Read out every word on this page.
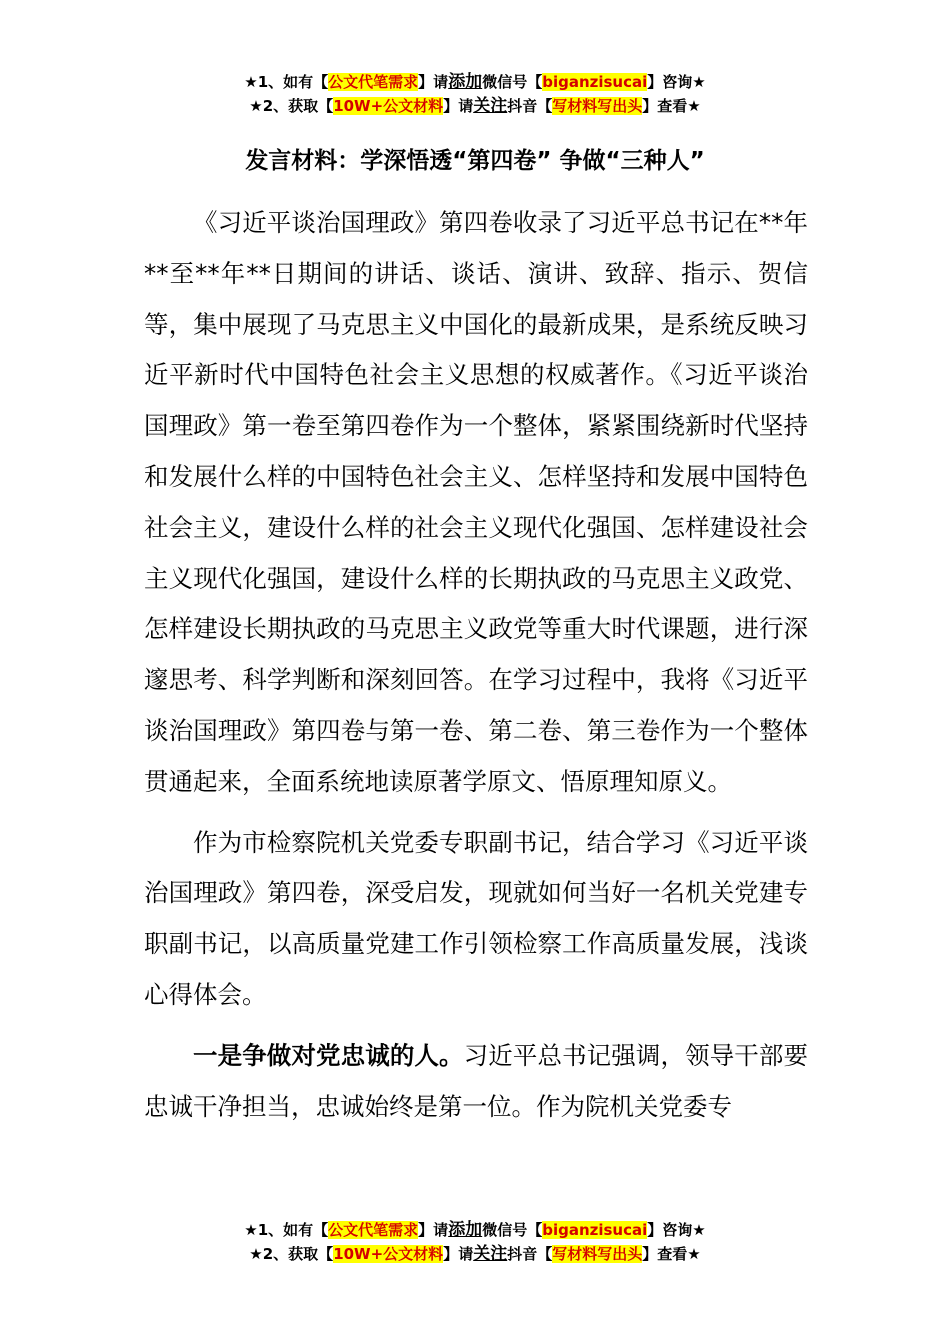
★1、如有【公文代笔需求】请添加微信号【biganzisucai】咨询★
★2、获取【10W+公文材料】请关注抖音【写材料写出头】查看★
发言材料：学深悟透“第四卷” 争做“三种人”

《习近平谈治国理政》第四卷收录了习近平总书记在**年**至**年**日期间的讲话、谈话、演讲、致辞、指示、贺信等，集中展现了马克思主义中国化的最新成果，是系统反映习近平新时代中国特色社会主义思想的权威著作。《习近平谈治国理政》第一卷至第四卷作为一个整体，紧紧围绕新时代坚持和发展什么样的中国特色社会主义、怎样坚持和发展中国特色社会主义，建设什么样的社会主义现代化强国、怎样建设社会主义现代化强国，建设什么样的长期执政的马克思主义政党、怎样建设长期执政的马克思主义政党等重大时代课题，进行深邃思考、科学判断和深刻回答。在学习过程中，我将《习近平谈治国理政》第四卷与第一卷、第二卷、第三卷作为一个整体贯通起来，全面系统地读原著学原文、悟原理知原义。

作为市检察院机关党委专职副书记，结合学习《习近平谈治国理政》第四卷，深受启发，现就如何当好一名机关党建专职副书记，以高质量党建工作引领检察工作高质量发展，浅谈心得体会。

一是争做对党忠诚的人。习近平总书记强调，领导干部要忠诚干净担当，忠诚始终是第一位。作为院机关党委专

★1、如有【公文代笔需求】请添加微信号【biganzisucai】咨询★
★2、获取【10W+公文材料】请关注抖音【写材料写出头】查看★
